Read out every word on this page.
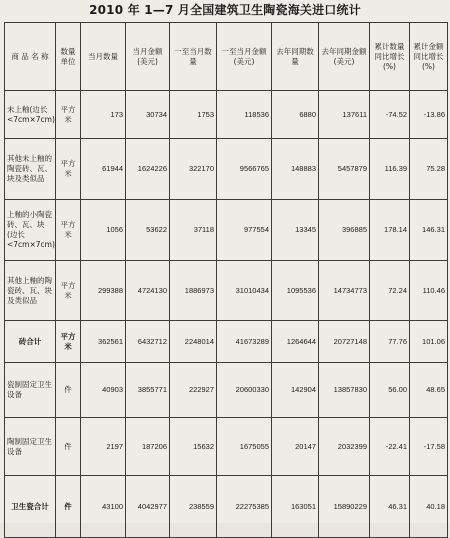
2010 年 1—7 月全国建筑卫生陶瓷海关进口统计
商 品 名 称	数量单位	当月数量	当月金额(美元)	一至当月数量	一至当月金额(美元)	去年同期数量	去年同期金额(美元)	累计数量同比增长(%)	累计金额同比增长(%)
未上釉(边长<7cm×7cm)	平方米	173	30734	1753	118536	6880	137611	-74.52	-13.86
其他未上釉的陶瓷砖、瓦、块及类似品	平方米	61944	1624226	322170	9566765	148883	5457879	116.39	75.28
上釉的小陶瓷砖、瓦、块(边长<7cm×7cm)	平方米	1056	53622	37118	977554	13345	396885	178.14	146.31
其他上釉的陶瓷砖、瓦、块及类似品	平方米	299388	4724130	1886973	31010434	1095536	14734773	72.24	110.46
砖合计	平方米	362561	6432712	2248014	41673289	1264644	20727148	77.76	101.06
瓷制固定卫生设备	件	40903	3855771	222927	20600330	142904	13857830	56.00	48.65
陶制固定卫生设备	件	2197	187206	15632	1675055	20147	2032399	-22.41	-17.58
卫生瓷合计	件	43100	4042977	238559	22275385	163051	15890229	46.31	40.18
